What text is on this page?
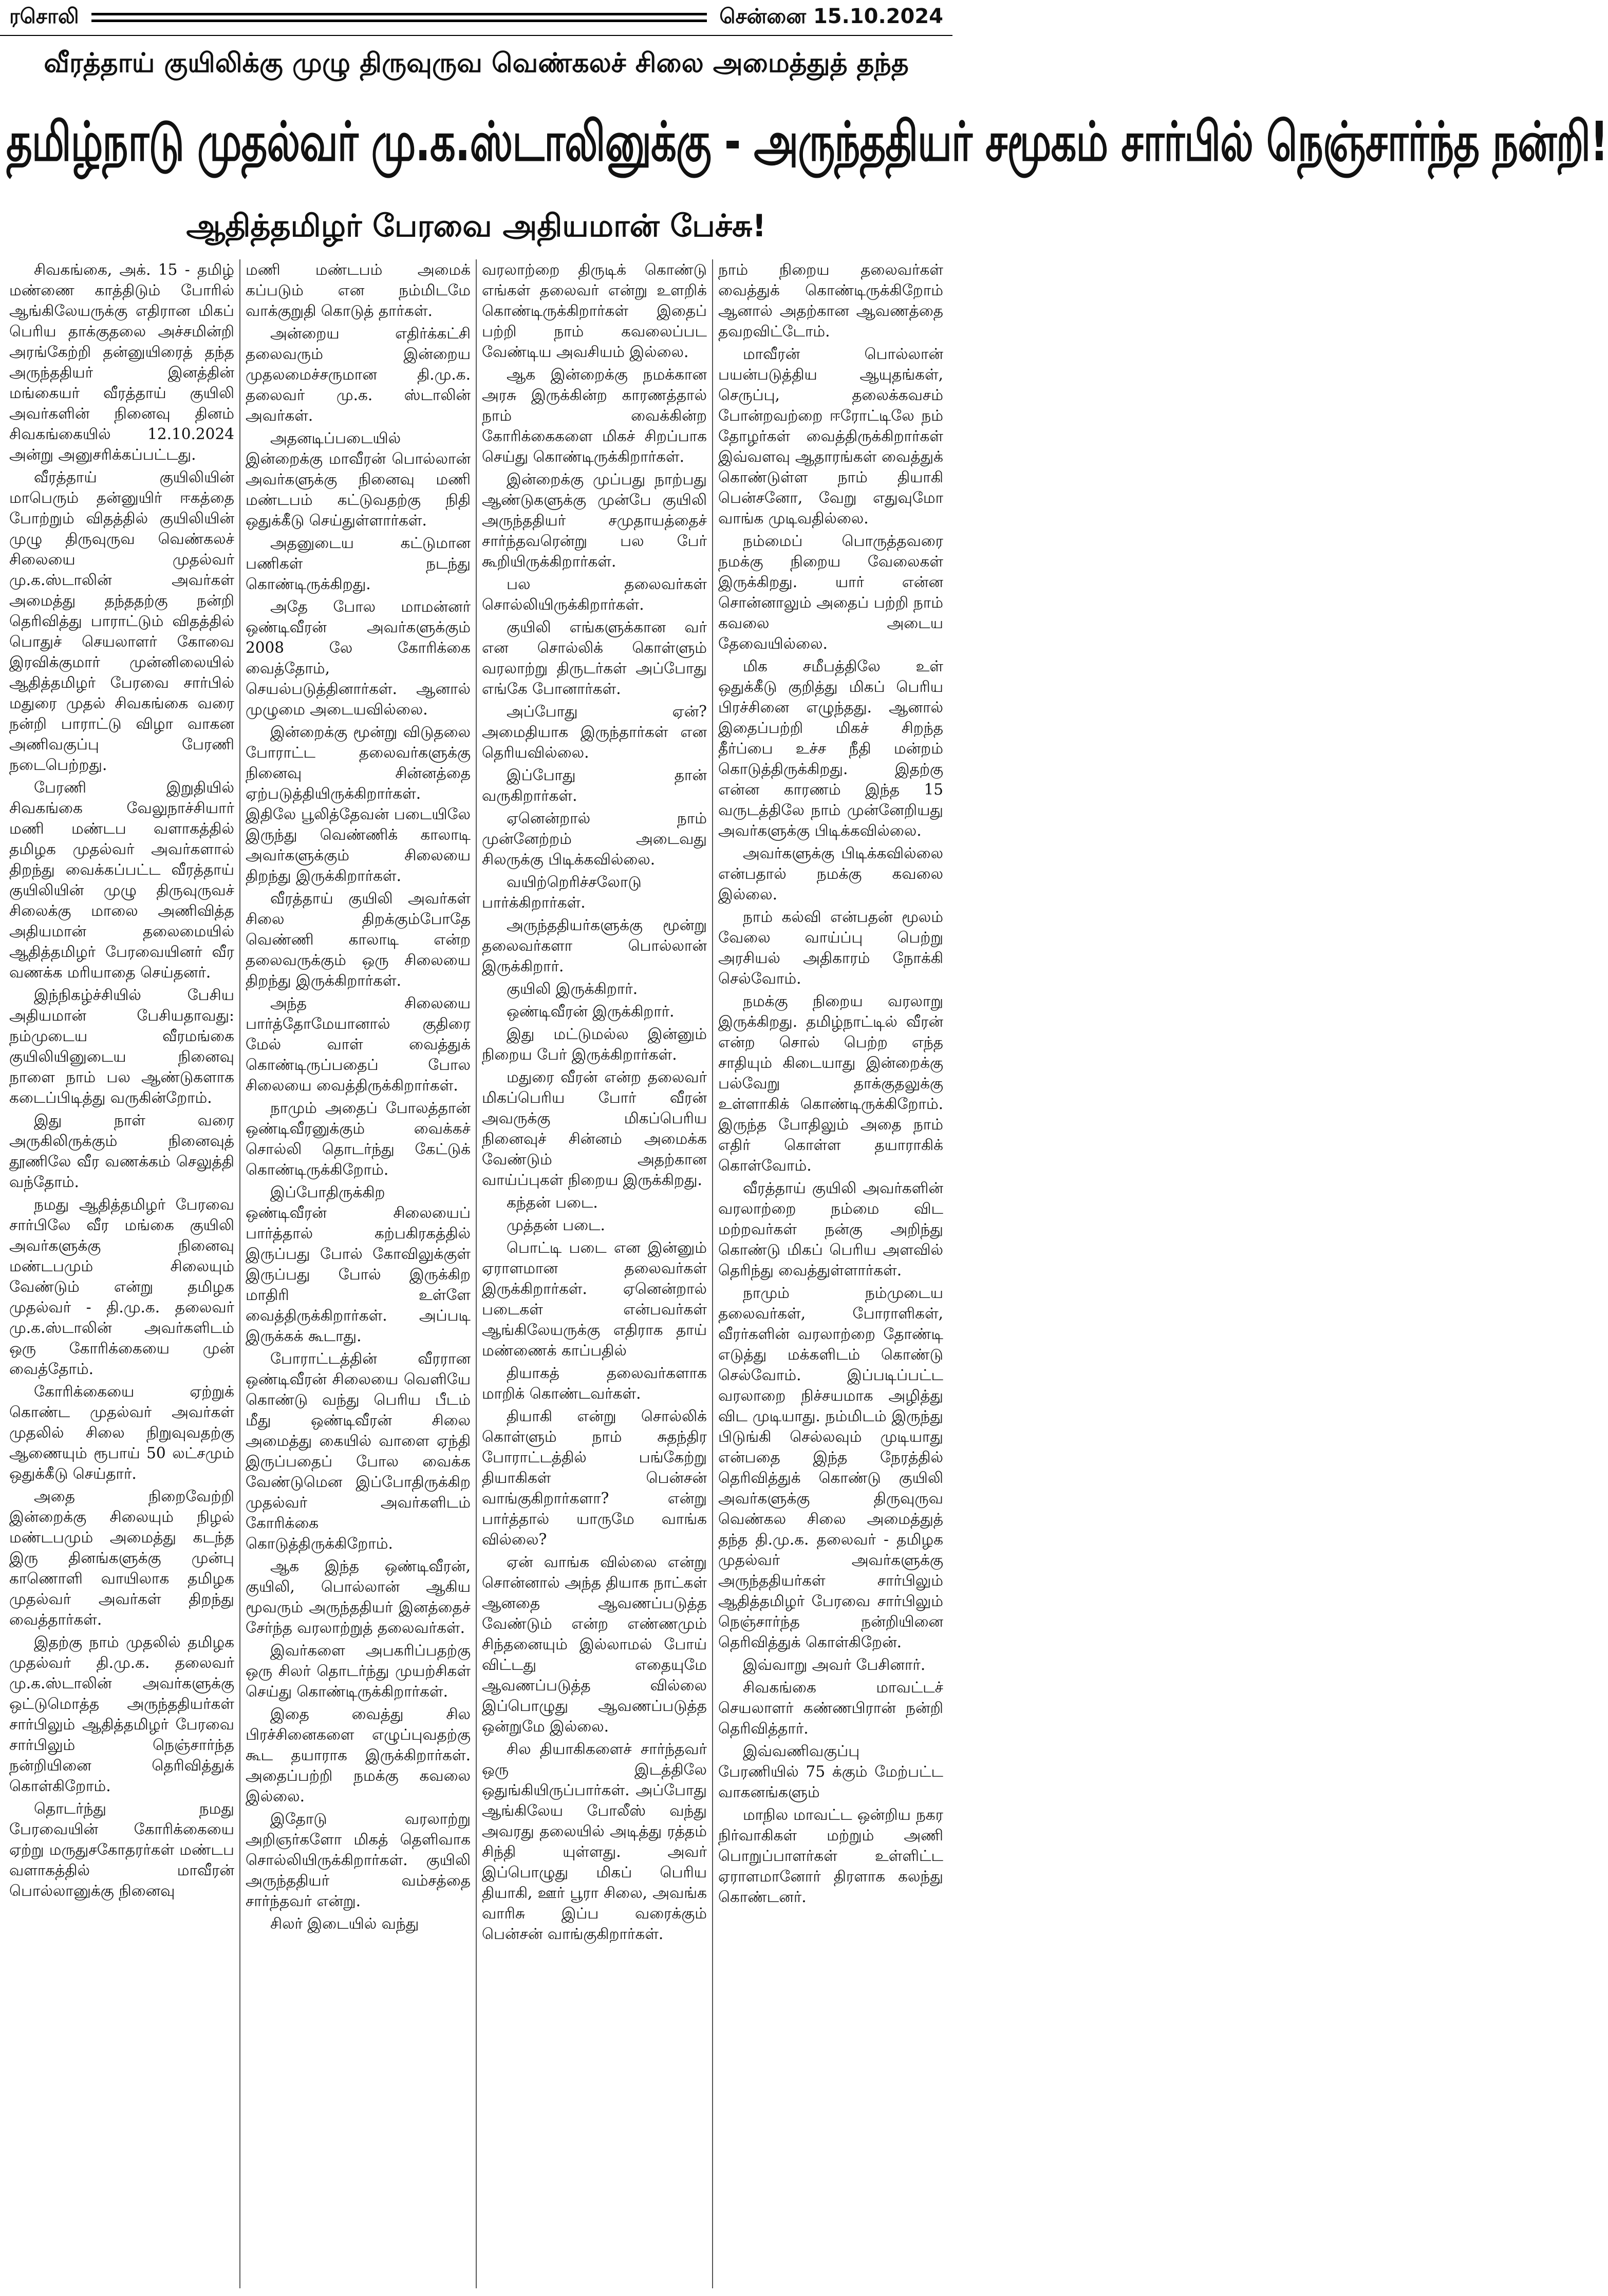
ரசொலி	சென்னை 15.10.2024
வீரத்தாய் குயிலிக்கு முழு திருவுருவ வெண்கலச் சிலை அமைத்துத் தந்த
தமிழ்நாடு முதல்வர் மு.க.ஸ்டாலினுக்கு - அருந்ததியர் சமூகம் சார்பில் நெஞ்சார்ந்த நன்றி!
ஆதித்தமிழர் பேரவை அதியமான் பேச்சு!

சிவகங்கை, அக். 15 - தமிழ் மண்ணை காத்திடும் போரில் ஆங்கிலேயருக்கு எதிரான மிகப் பெரிய தாக்குதலை அச்சமின்றி அரங்கேற்றி தன்னுயிரைத் தந்த அருந்ததியர் இனத்தின் மங்கையர் வீரத்தாய் குயிலி அவர்களின் நினைவு தினம் சிவகங்கையில் 12.10.2024 அன்று அனுசரிக்கப்பட்டது.

வீரத்தாய் குயிலியின் மாபெரும் தன்னுயிர் ஈகத்தை போற்றும் விதத்தில் குயிலியின் முழு திருவுருவ வெண்கலச் சிலையை முதல்வர் மு.க.ஸ்டாலின் அவர்கள் அமைத்து தந்ததற்கு நன்றி தெரிவித்து பாராட்டும் விதத்தில் பொதுச் செயலாளர் கோவை இரவிக்குமார் முன்னிலையில் ஆதித்தமிழர் பேரவை சார்பில் மதுரை முதல் சிவகங்கை வரை நன்றி பாராட்டு விழா வாகன அணிவகுப்பு பேரணி நடைபெற்றது.

பேரணி இறுதியில் சிவகங்கை வேலுநாச்சியார் மணி மண்டப வளாகத்தில் தமிழக முதல்வர் அவர்களால் திறந்து வைக்கப்பட்ட வீரத்தாய் குயிலியின் முழு திருவுருவச் சிலைக்கு மாலை அணிவித்த அதியமான் தலைமையில் ஆதித்தமிழர் பேரவையினர் வீர வணக்க மரியாதை செய்தனர்.

இந்நிகழ்ச்சியில் பேசிய அதியமான் பேசியதாவது: நம்முடைய வீரமங்கை குயிலியினுடைய நினைவு நாளை நாம் பல ஆண்டுகளாக கடைப்பிடித்து வருகின்றோம்.

இது நாள் வரை அருகிலிருக்கும் நினைவுத் தூணிலே வீர வணக்கம் செலுத்தி வந்தோம்.

நமது ஆதித்தமிழர் பேரவை சார்பிலே வீர மங்கை குயிலி அவர்களுக்கு நினைவு மண்டபமும் சிலையும் வேண்டும் என்று தமிழக முதல்வர் - தி.மு.க. தலைவர் மு.க.ஸ்டாலின் அவர்களிடம் ஒரு கோரிக்கையை முன் வைத்தோம்.

கோரிக்கையை ஏற்றுக் கொண்ட முதல்வர் அவர்கள் முதலில் சிலை நிறுவுவதற்கு ஆணையும் ரூபாய் 50 லட்சமும் ஒதுக்கீடு செய்தார்.

அதை நிறைவேற்றி இன்றைக்கு சிலையும் நிழல் மண்டபமும் அமைத்து கடந்த இரு தினங்களுக்கு முன்பு காணொளி வாயிலாக தமிழக முதல்வர் அவர்கள் திறந்து வைத்தார்கள்.

இதற்கு நாம் முதலில் தமிழக முதல்வர் தி.மு.க. தலைவர் மு.க.ஸ்டாலின் அவர்களுக்கு ஒட்டுமொத்த அருந்ததியர்கள் சார்பிலும் ஆதித்தமிழர் பேரவை சார்பிலும் நெஞ்சார்ந்த நன்றியினை தெரிவித்துக் கொள்கிறோம்.

தொடர்ந்து நமது பேரவையின் கோரிக்கையை ஏற்று மருதுசகோதரர்கள் மண்டப வளாகத்தில் மாவீரன் பொல்லானுக்கு நினைவு

மணி மண்டபம் அமைக் கப்படும் என நம்மிடமே வாக்குறுதி கொடுத் தார்கள்.

அன்றைய எதிர்க்கட்சி தலைவரும் இன்றைய முதலமைச்சருமான தி.மு.க. தலைவர் மு.க. ஸ்டாலின் அவர்கள்.

அதனடிப்படையில் இன்றைக்கு மாவீரன் பொல்லான் அவர்களுக்கு நினைவு மணி மண்டபம் கட்டுவதற்கு நிதி ஒதுக்கீடு செய்துள்ளார்கள்.

அதனுடைய கட்டுமான பணிகள் நடந்து கொண்டிருக்கிறது.

அதே போல மாமன்னர் ஒண்டிவீரன் அவர்களுக்கும் 2008 லே கோரிக்கை வைத்தோம், செயல்படுத்தினார்கள். ஆனால் முழுமை அடையவில்லை.

இன்றைக்கு மூன்று விடுதலை போராட்ட தலைவர்களுக்கு நினைவு சின்னத்தை ஏற்படுத்தியிருக்கிறார்கள். இதிலே பூலித்தேவன் படையிலே இருந்து வெண்ணிக் காலாடி அவர்களுக்கும் சிலையை திறந்து இருக்கிறார்கள்.

வீரத்தாய் குயிலி அவர்கள் சிலை திறக்கும்போதே வெண்ணி காலாடி என்ற தலைவருக்கும் ஒரு சிலையை திறந்து இருக்கிறார்கள்.

அந்த சிலையை பார்த்தோமேயானால் குதிரை மேல் வாள் வைத்துக் கொண்டிருப்பதைப் போல சிலையை வைத்திருக்கிறார்கள்.

நாமும் அதைப் போலத்தான் ஒண்டிவீரனுக்கும் வைக்கச் சொல்லி தொடர்ந்து கேட்டுக் கொண்டிருக்கிறோம்.

இப்போதிருக்கிற ஒண்டிவீரன் சிலையைப் பார்த்தால் கற்பகிரகத்தில் இருப்பது போல் கோவிலுக்குள் இருப்பது போல் இருக்கிற மாதிரி உள்ளே வைத்திருக்கிறார்கள். அப்படி இருக்கக் கூடாது.

போராட்டத்தின் வீரரான ஒண்டிவீரன் சிலையை வெளியே கொண்டு வந்து பெரிய பீடம் மீது ஒண்டிவீரன் சிலை அமைத்து கையில் வாளை ஏந்தி இருப்பதைப் போல வைக்க வேண்டுமென இப்போதிருக்கிற முதல்வர் அவர்களிடம் கோரிக்கை கொடுத்திருக்கிறோம்.

ஆக இந்த ஒண்டிவீரன், குயிலி, பொல்லான் ஆகிய மூவரும் அருந்ததியர் இனத்தைச் சேர்ந்த வரலாற்றுத் தலைவர்கள்.

இவர்களை அபகரிப்பதற்கு ஒரு சிலர் தொடர்ந்து முயற்சிகள் செய்து கொண்டிருக்கிறார்கள்.

இதை வைத்து சில பிரச்சினைகளை எழுப்புவதற்கு கூட தயாராக இருக்கிறார்கள். அதைப்பற்றி நமக்கு கவலை இல்லை.

இதோடு வரலாற்று அறிஞர்களோ மிகத் தெளிவாக சொல்லியிருக்கிறார்கள். குயிலி அருந்ததியர் வம்சத்தை சார்ந்தவர் என்று.

சிலர் இடையில் வந்து

வரலாற்றை திருடிக் கொண்டு எங்கள் தலைவர் என்று உளறிக் கொண்டிருக்கிறார்கள் இதைப் பற்றி நாம் கவலைப்பட வேண்டிய அவசியம் இல்லை.

ஆக இன்றைக்கு நமக்கான அரசு இருக்கின்ற காரணத்தால் நாம் வைக்கின்ற கோரிக்கைகளை மிகச் சிறப்பாக செய்து கொண்டிருக்கிறார்கள்.

இன்றைக்கு முப்பது நாற்பது ஆண்டுகளுக்கு முன்பே குயிலி அருந்ததியர் சமுதாயத்தைச் சார்ந்தவரென்று பல பேர் கூறியிருக்கிறார்கள்.

பல தலைவர்கள் சொல்லியிருக்கிறார்கள்.

குயிலி எங்களுக்கான வர் என சொல்லிக் கொள்ளும் வரலாற்று திருடர்கள் அப்போது எங்கே போனார்கள்.

அப்போது ஏன்? அமைதியாக இருந்தார்கள் என தெரியவில்லை.

இப்போது தான் வருகிறார்கள்.

ஏனென்றால் நாம் முன்னேற்றம் அடைவது சிலருக்கு பிடிக்கவில்லை.

வயிற்றெரிச்சலோடு பார்க்கிறார்கள்.

அருந்ததியர்களுக்கு மூன்று தலைவர்களா பொல்லான் இருக்கிறார்.

குயிலி இருக்கிறார்.

ஒண்டிவீரன் இருக்கிறார்.

இது மட்டுமல்ல இன்னும் நிறைய பேர் இருக்கிறார்கள்.

மதுரை வீரன் என்ற தலைவர் மிகப்பெரிய போர் வீரன் அவருக்கு மிகப்பெரிய நினைவுச் சின்னம் அமைக்க வேண்டும் அதற்கான வாய்ப்புகள் நிறைய இருக்கிறது.

கந்தன் படை.

முத்தன் படை.

பொட்டி படை என இன்னும் ஏராளமான தலைவர்கள் இருக்கிறார்கள். ஏனென்றால் படைகள் என்பவர்கள் ஆங்கிலேயருக்கு எதிராக தாய் மண்ணைக் காப்பதில்

தியாகத் தலைவர்களாக மாறிக் கொண்டவர்கள்.

தியாகி என்று சொல்லிக் கொள்ளும் நாம் சுதந்திர போராட்டத்தில் பங்கேற்று தியாகிகள் பென்சன் வாங்குகிறார்களா? என்று பார்த்தால் யாருமே வாங்க வில்லை?

ஏன் வாங்க வில்லை என்று சொன்னால் அந்த தியாக நாட்கள் ஆனதை ஆவணப்படுத்த வேண்டும் என்ற எண்ணமும் சிந்தனையும் இல்லாமல் போய் விட்டது எதையுமே ஆவணப்படுத்த வில்லை இப்பொழுது ஆவணப்படுத்த ஒன்றுமே இல்லை.

சில தியாகிகளைச் சார்ந்தவர் ஒரு இடத்திலே ஒதுங்கியிருப்பார்கள். அப்போது ஆங்கிலேய போலீஸ் வந்து அவரது தலையில் அடித்து ரத்தம் சிந்தி யுள்ளது. அவர் இப்பொழுது மிகப் பெரிய தியாகி, ஊர் பூரா சிலை, அவங்க வாரிசு இப்ப வரைக்கும் பென்சன் வாங்குகிறார்கள்.

நாம் நிறைய தலைவர்கள் வைத்துக் கொண்டிருக்கிறோம் ஆனால் அதற்கான ஆவணத்தை தவறவிட்டோம்.

மாவீரன் பொல்லான் பயன்படுத்திய ஆயுதங்கள், செருப்பு, தலைக்கவசம் போன்றவற்றை ஈரோட்டிலே நம் தோழர்கள் வைத்திருக்கிறார்கள் இவ்வளவு ஆதாரங்கள் வைத்துக் கொண்டுள்ள நாம் தியாகி பென்சனோ, வேறு எதுவுமோ வாங்க முடிவதில்லை.

நம்மைப் பொருத்தவரை நமக்கு நிறைய வேலைகள் இருக்கிறது. யார் என்ன சொன்னாலும் அதைப் பற்றி நாம் கவலை அடைய தேவையில்லை.

மிக சமீபத்திலே உள் ஒதுக்கீடு குறித்து மிகப் பெரிய பிரச்சினை எழுந்தது. ஆனால் இதைப்பற்றி மிகச் சிறந்த தீர்ப்பை உச்ச நீதி மன்றம் கொடுத்திருக்கிறது. இதற்கு என்ன காரணம் இந்த 15 வருடத்திலே நாம் முன்னேறியது அவர்களுக்கு பிடிக்கவில்லை.

அவர்களுக்கு பிடிக்கவில்லை என்பதால் நமக்கு கவலை இல்லை.

நாம் கல்வி என்பதன் மூலம் வேலை வாய்ப்பு பெற்று அரசியல் அதிகாரம் நோக்கி செல்வோம்.

நமக்கு நிறைய வரலாறு இருக்கிறது. தமிழ்நாட்டில் வீரன் என்ற சொல் பெற்ற எந்த சாதியும் கிடையாது இன்றைக்கு பல்வேறு தாக்குதலுக்கு உள்ளாகிக் கொண்டிருக்கிறோம். இருந்த போதிலும் அதை நாம் எதிர் கொள்ள தயாராகிக் கொள்வோம்.

வீரத்தாய் குயிலி அவர்களின் வரலாற்றை நம்மை விட மற்றவர்கள் நன்கு அறிந்து கொண்டு மிகப் பெரிய அளவில் தெரிந்து வைத்துள்ளார்கள்.

நாமும் நம்முடைய தலைவர்கள், போராளிகள், வீரர்களின் வரலாற்றை தோண்டி எடுத்து மக்களிடம் கொண்டு செல்வோம். இப்படிப்பட்ட வரலாறை நிச்சயமாக அழித்து விட முடியாது. நம்மிடம் இருந்து பிடுங்கி செல்லவும் முடியாது என்பதை இந்த நேரத்தில் தெரிவித்துக் கொண்டு குயிலி அவர்களுக்கு திருவுருவ வெண்கல சிலை அமைத்துத் தந்த தி.மு.க. தலைவர் - தமிழக முதல்வர் அவர்களுக்கு அருந்ததியர்கள் சார்பிலும் ஆதித்தமிழர் பேரவை சார்பிலும் நெஞ்சார்ந்த நன்றியினை தெரிவித்துக் கொள்கிறேன்.

இவ்வாறு அவர் பேசினார்.

சிவகங்கை மாவட்டச் செயலாளர் கண்ணபிரான் நன்றி தெரிவித்தார்.

இவ்வணிவகுப்பு பேரணியில் 75 க்கும் மேற்பட்ட வாகனங்களும்

மாநில மாவட்ட ஒன்றிய நகர நிர்வாகிகள் மற்றும் அணி பொறுப்பாளர்கள் உள்ளிட்ட ஏராளமானோர் திரளாக கலந்து கொண்டனர்.
